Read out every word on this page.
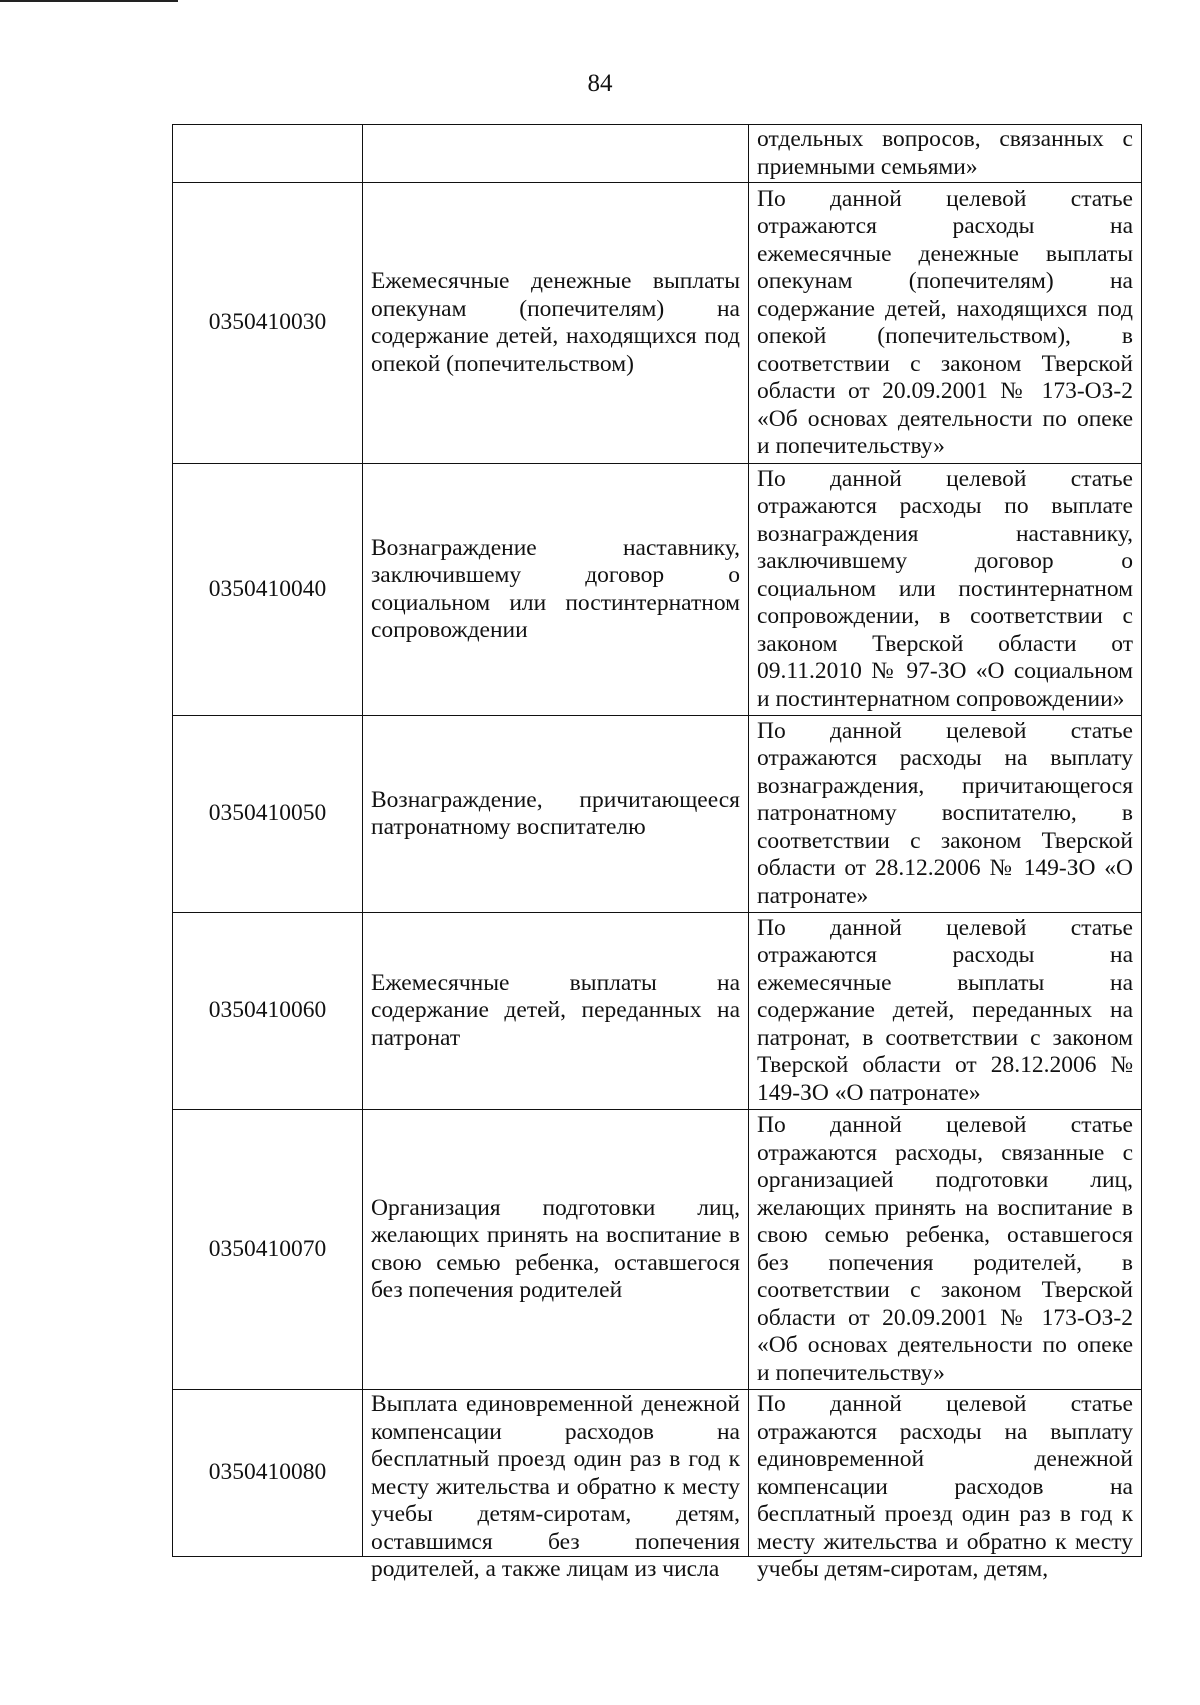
84
		отдельных вопросов, связанных с приемными семьями»
0350410030	Ежемесячные денежные выплаты опекунам (попечителям) на содержание детей, находящихся под опекой (попечительством)	По данной целевой статье отражаются расходы на ежемесячные денежные выплаты опекунам (попечителям) на содержание детей, находящихся под опекой (попечительством), в соответствии с законом Тверской области от 20.09.2001 № 173-ОЗ-2 «Об основах деятельности по опеке и попечительству»
0350410040	Вознаграждение наставнику, заключившему договор о социальном или постинтернатном сопровождении	По данной целевой статье отражаются расходы по выплате вознаграждения наставнику, заключившему договор о социальном или постинтернатном сопровождении, в соответствии с законом Тверской области от 09.11.2010 № 97-ЗО «О социальном и постинтернатном сопровождении»
0350410050	Вознаграждение, причитающееся патронатному воспитателю	По данной целевой статье отражаются расходы на выплату вознаграждения, причитающегося патронатному воспитателю, в соответствии с законом Тверской области от 28.12.2006 № 149-ЗО «О патронате»
0350410060	Ежемесячные выплаты на содержание детей, переданных на патронат	По данной целевой статье отражаются расходы на ежемесячные выплаты на содержание детей, переданных на патронат, в соответствии с законом Тверской области от 28.12.2006 № 149-ЗО «О патронате»
0350410070	Организация подготовки лиц, желающих принять на воспитание в свою семью ребенка, оставшегося без попечения родителей	По данной целевой статье отражаются расходы, связанные с организацией подготовки лиц, желающих принять на воспитание в свою семью ребенка, оставшегося без попечения родителей, в соответствии с законом Тверской области от 20.09.2001 № 173-ОЗ-2 «Об основах деятельности по опеке и попечительству»
0350410080	Выплата единовременной денежной компенсации расходов на бесплатный проезд один раз в год к месту жительства и обратно к месту учебы детям-сиротам, детям, оставшимся без попечения родителей, а также лицам из числа	По данной целевой статье отражаются расходы на выплату единовременной денежной компенсации расходов на бесплатный проезд один раз в год к месту жительства и обратно к месту учебы детям-сиротам, детям,
